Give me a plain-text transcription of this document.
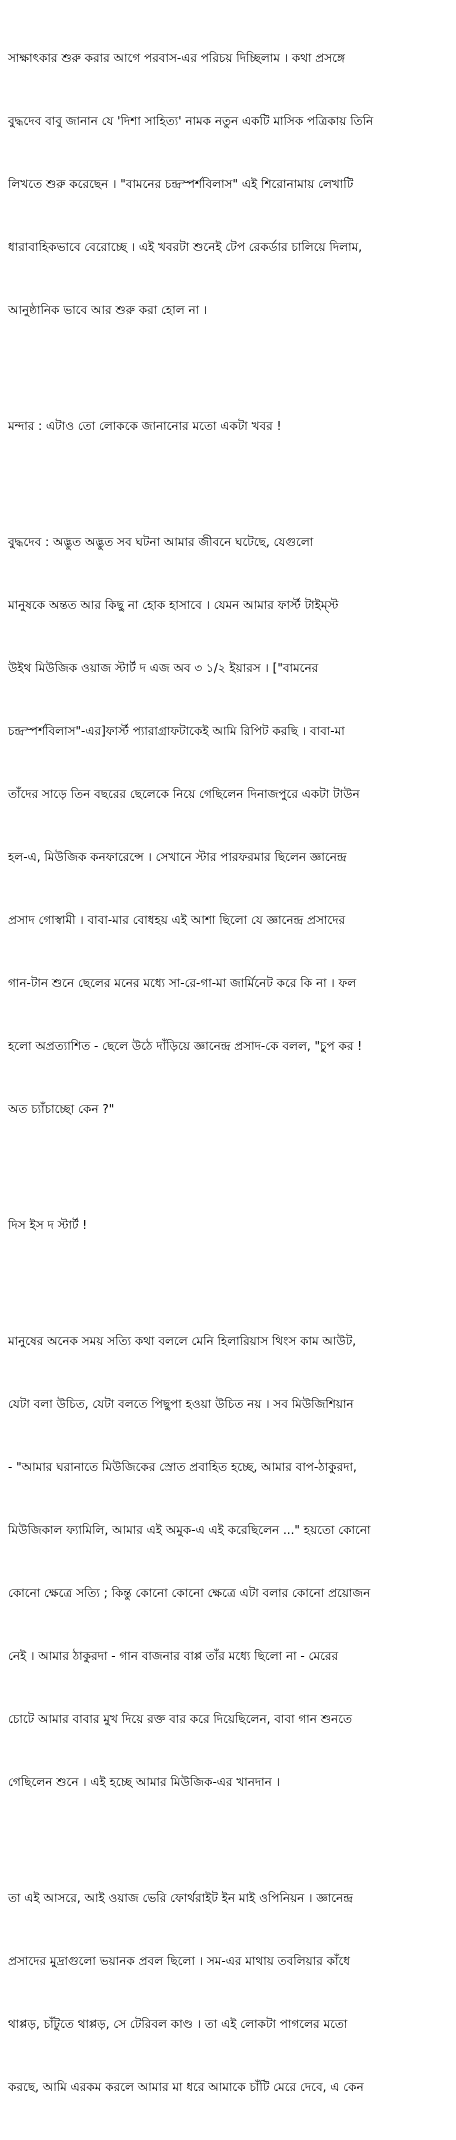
সাক্ষাৎকার শুরু করার আগে পরবাস-এর পরিচয় দিচ্ছিলাম । কথা প্রসঙ্গে

বুদ্ধদেব বাবু জানান যে 'দিশা সাহিত্য' নামক নতুন একটি মাসিক পত্রিকায় তিনি

লিখতে শুরু করেছেন । "বামনের চন্দ্রস্পর্শবিলাস" এই শিরোনামায় লেখাটি

ধারাবাহিকভাবে বেরোচ্ছে । এই খবরটা শুনেই টেপ রেকর্ডার চালিয়ে দিলাম,

আনুষ্ঠানিক ভাবে আর শুরু করা হোল না ।

মন্দার : এটাও তো লোককে জানানোর মতো একটা খবর !

বুদ্ধদেব : অদ্ভুত অদ্ভুত সব ঘটনা আমার জীবনে ঘটেছে, যেগুলো

মানুষকে অন্তত আর কিছু না হোক হাসাবে । যেমন আমার ফার্স্ট টাইম্স্ট

উইথ মিউজিক ওয়াজ স্টার্ট দ এজ অব ৩ ১/২ ইয়ারস । ["বামনের

চন্দ্রস্পর্শবিলাস"-এর]ফার্স্ট প্যারাগ্রাফটাকেই আমি রিপিট করছি । বাবা-মা

তাঁদের সাড়ে তিন বছরের ছেলেকে নিয়ে গেছিলেন দিনাজপুরে একটা টাউন

হল-এ, মিউজিক কনফারেন্সে । সেখানে স্টার পারফরমার ছিলেন জ্ঞানেন্দ্র

প্রসাদ গোস্বামী । বাবা-মার বোধহয় এই আশা ছিলো যে জ্ঞানেন্দ্র প্রসাদের

গান-টান শুনে ছেলের মনের মধ্যে সা-রে-গা-মা জার্মিনেট করে কি না । ফল

হলো অপ্রত্যাশিত - ছেলে উঠে দাঁড়িয়ে জ্ঞানেন্দ্র প্রসাদ-কে বলল, "চুপ কর !

অত চ্যাঁচাচ্ছো কেন ?"

দিস ইস দ স্টার্ট !

মানুষের অনেক সময় সত্যি কথা বললে মেনি হিলারিয়াস থিংস কাম আউট,

যেটা বলা উচিত, যেটা বলতে পিছুপা হওয়া উচিত নয় । সব মিউজিশিয়ান

- "আমার ঘরানাতে মিউজিকের স্রোত প্রবাহিত হচ্ছে, আমার বাপ-ঠাকুরদা,

মিউজিকাল ফ্যামিলি, আমার এই অমুক-এ এই করেছিলেন ..." হয়তো কোনো

কোনো ক্ষেত্রে সত্যি ; কিন্তু কোনো কোনো ক্ষেত্রে এটা বলার কোনো প্রয়োজন

নেই । আমার ঠাকুরদা - গান বাজনার বাপ্প তাঁর মধ্যে ছিলো না - মেরের

চোটে আমার বাবার মুখ দিয়ে রক্ত বার করে দিয়েছিলেন, বাবা গান শুনতে

গেছিলেন শুনে । এই হচ্ছে আমার মিউজিক-এর খানদান ।

তা এই আসরে, আই ওয়াজ ভেরি ফোর্থরাইট ইন মাই ওপিনিয়ন । জ্ঞানেন্দ্র

প্রসাদের মুদ্রাগুলো ভয়ানক প্রবল ছিলো । সম-এর মাথায় তবলিয়ার কাঁধে

থাপ্পড়, চাঁটুতে থাপ্পড়, সে টেরিবল কাণ্ড । তা এই লোকটা পাগলের মতো

করছে, আমি এরকম করলে আমার মা ধরে আমাকে চাঁটি মেরে দেবে, এ কেন
